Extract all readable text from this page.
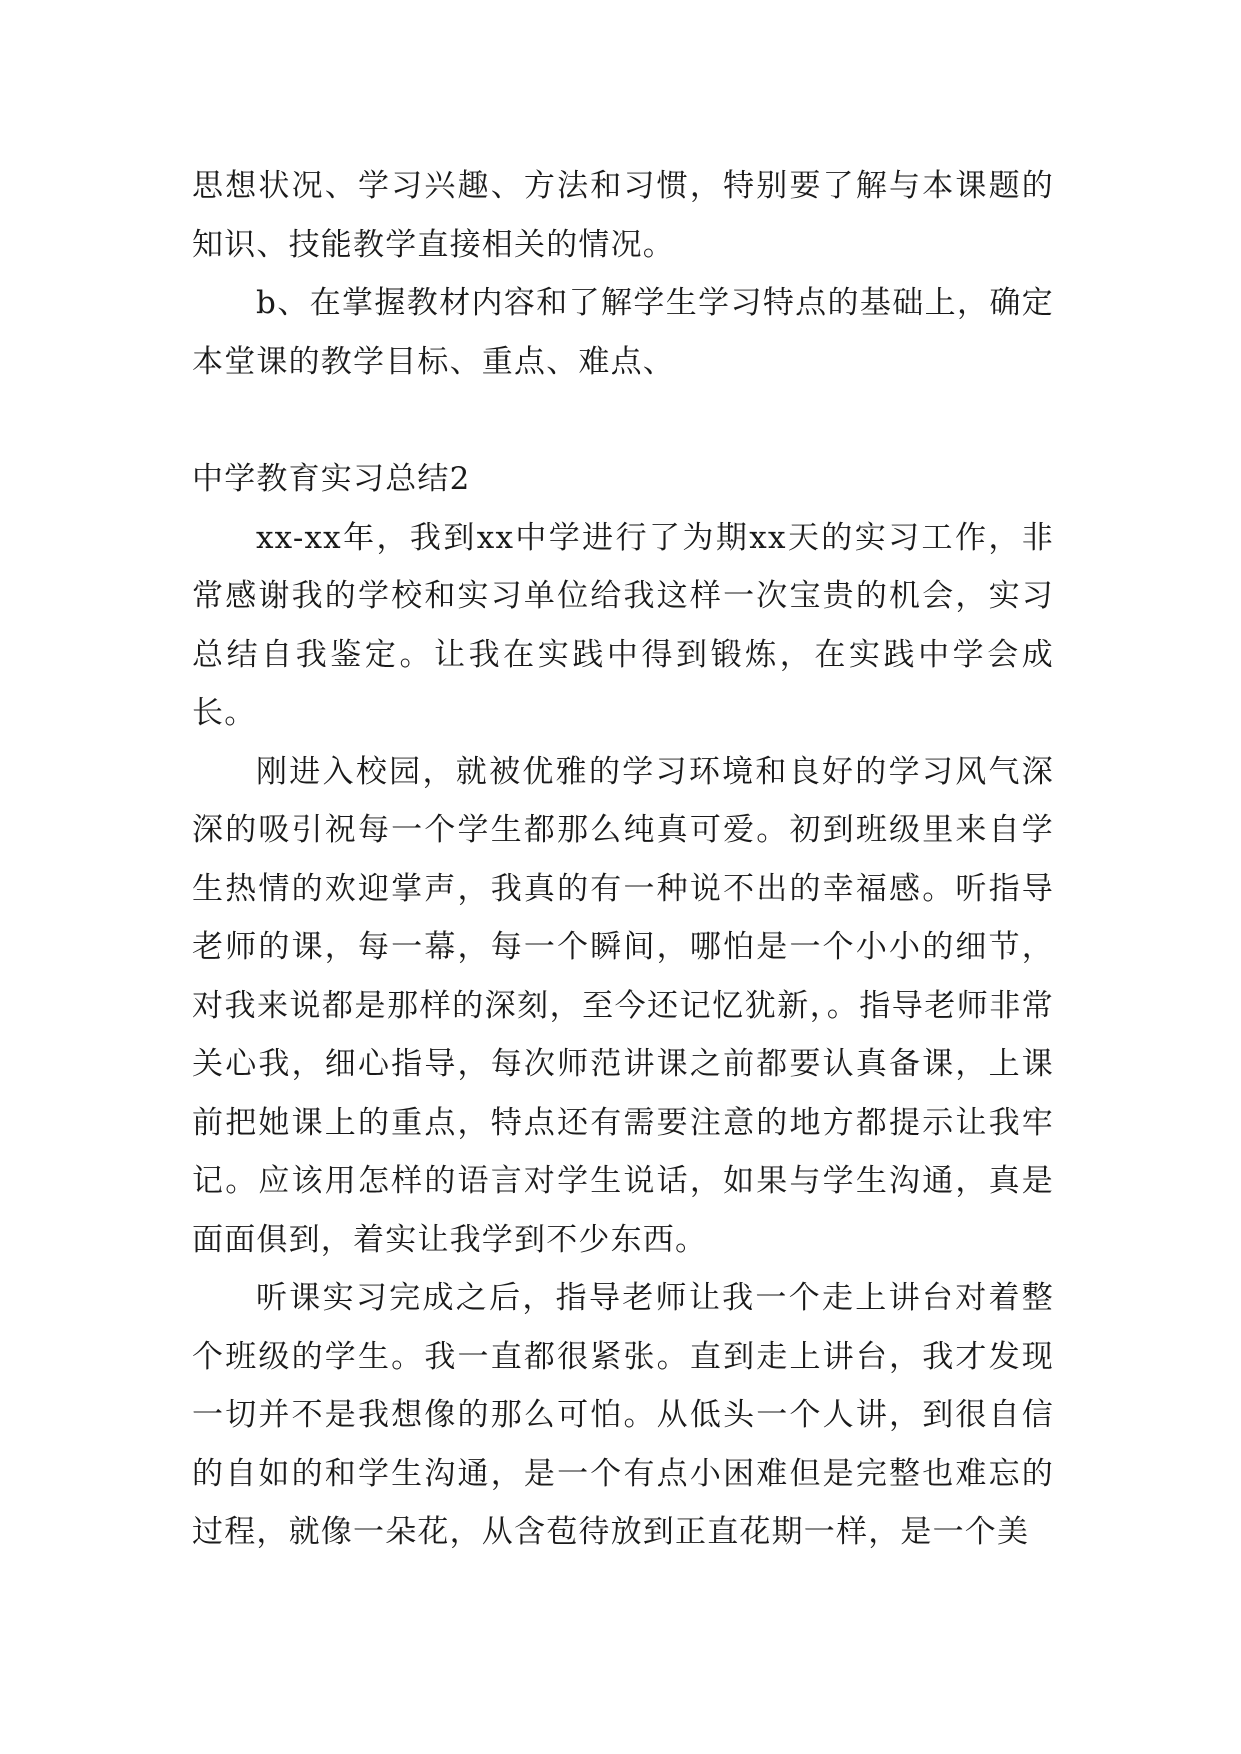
思想状况、学习兴趣、方法和习惯，特别要了解与本课题的知识、技能教学直接相关的情况。

b、在掌握教材内容和了解学生学习特点的基础上，确定本堂课的教学目标、重点、难点、

中学教育实习总结2

xx-xx年，我到xx中学进行了为期xx天的实习工作，非常感谢我的学校和实习单位给我这样一次宝贵的机会，实习总结自我鉴定。让我在实践中得到锻炼，在实践中学会成长。

刚进入校园，就被优雅的学习环境和良好的学习风气深深的吸引祝每一个学生都那么纯真可爱。初到班级里来自学生热情的欢迎掌声，我真的有一种说不出的幸福感。听指导老师的课，每一幕，每一个瞬间，哪怕是一个小小的细节，对我来说都是那样的深刻，至今还记忆犹新，。指导老师非常关心我，细心指导，每次师范讲课之前都要认真备课，上课前把她课上的重点，特点还有需要注意的地方都提示让我牢记。应该用怎样的语言对学生说话，如果与学生沟通，真是面面俱到，着实让我学到不少东西。

听课实习完成之后，指导老师让我一个走上讲台对着整个班级的学生。我一直都很紧张。直到走上讲台，我才发现一切并不是我想像的那么可怕。从低头一个人讲，到很自信的自如的和学生沟通，是一个有点小困难但是完整也难忘的过程，就像一朵花，从含苞待放到正直花期一样，是一个美
